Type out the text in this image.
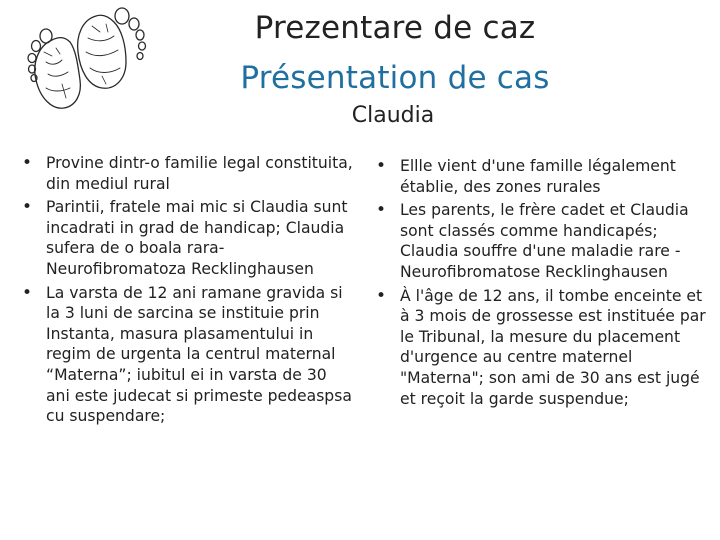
Prezentare de caz
Présentation de cas
Claudia
• Provine dintr-o familie legal constituita, din mediul rural
• Parintii, fratele mai mic si Claudia sunt incadrati in grad de handicap; Claudia sufera de o boala rara-Neurofibromatoza Recklinghausen
• La varsta de 12 ani ramane gravida si la 3 luni de sarcina se instituie prin Instanta, masura plasamentului in regim de urgenta la centrul maternal “Materna”; iubitul ei in varsta de 30 ani este judecat si primeste pedeaspsa cu suspendare;
• Ellle vient d'une famille légalement établie, des zones rurales
• Les parents, le frère cadet et Claudia sont classés comme handicapés; Claudia souffre d'une maladie rare - Neurofibromatose Recklinghausen
• À l'âge de 12 ans, il tombe enceinte et à 3 mois de grossesse est instituée par le Tribunal, la mesure du placement d'urgence au centre maternel "Materna"; son ami de 30 ans est jugé et reçoit la garde suspendue;
